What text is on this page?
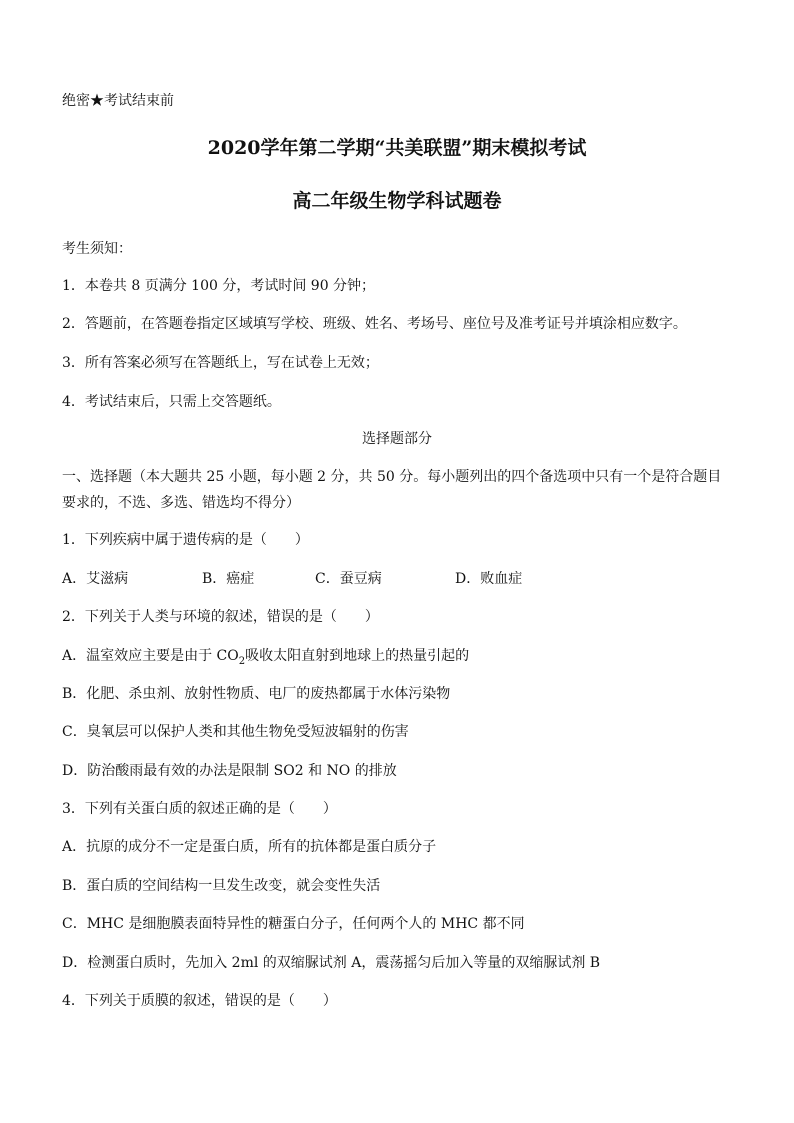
绝密★考试结束前
2020学年第二学期“共美联盟”期末模拟考试
高二年级生物学科试题卷
考生须知：
1．本卷共 8 页满分 100 分，考试时间 90 分钟；
2．答题前，在答题卷指定区域填写学校、班级、姓名、考场号、座位号及准考证号并填涂相应数字。
3．所有答案必须写在答题纸上，写在试卷上无效；
4．考试结束后，只需上交答题纸。
选择题部分
一、选择题（本大题共 25 小题，每小题 2 分，共 50 分。每小题列出的四个备选项中只有一个是符合题目要求的，不选、多选、错选均不得分）
1．下列疾病中属于遗传病的是（　　）
A．艾滋病	B．癌症	C．蚕豆病	D．败血症
2．下列关于人类与环境的叙述，错误的是（　　）
A．温室效应主要是由于 $CO_2$吸收太阳直射到地球上的热量引起的
B．化肥、杀虫剂、放射性物质、电厂的废热都属于水体污染物
C．臭氧层可以保护人类和其他生物免受短波辐射的伤害
D．防治酸雨最有效的办法是限制 SO2 和 NO 的排放
3．下列有关蛋白质的叙述正确的是（　　）
A．抗原的成分不一定是蛋白质，所有的抗体都是蛋白质分子
B．蛋白质的空间结构一旦发生改变，就会变性失活
C．MHC 是细胞膜表面特异性的糖蛋白分子，任何两个人的 MHC 都不同
D．检测蛋白质时，先加入 2ml 的双缩脲试剂 A，震荡摇匀后加入等量的双缩脲试剂 B
4．下列关于质膜的叙述，错误的是（　　）
